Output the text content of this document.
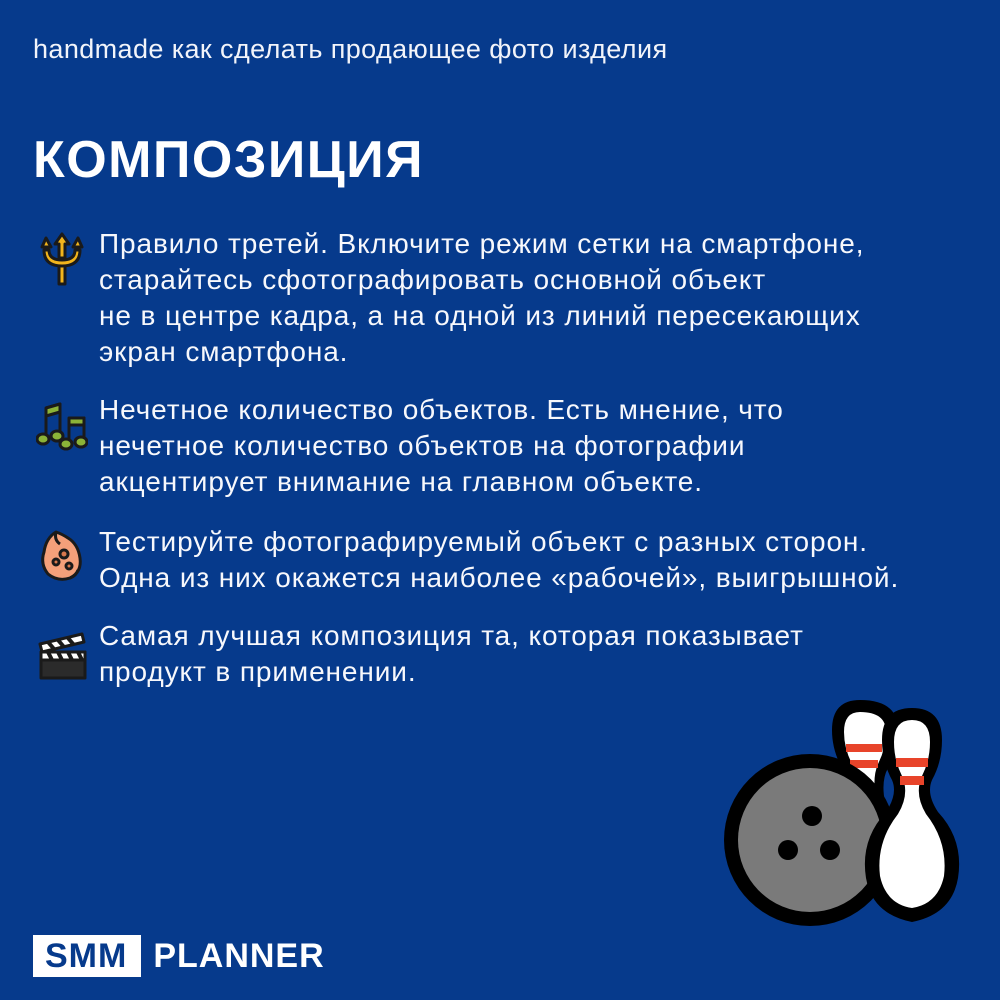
handmade как сделать продающее фото изделия
КОМПОЗИЦИЯ
Правило третей. Включите режим сетки на смартфоне,
старайтесь сфотографировать основной объект
не в центре кадра, а на одной из линий пересекающих
экран смартфона.
Нечетное количество объектов. Есть мнение, что
нечетное количество объектов на фотографии
акцентирует внимание на главном объекте.
Тестируйте фотографируемый объект с разных сторон.
Одна из них окажется наиболее «рабочей», выигрышной.
Самая лучшая композиция та, которая показывает
продукт в применении.
SMM PLANNER
